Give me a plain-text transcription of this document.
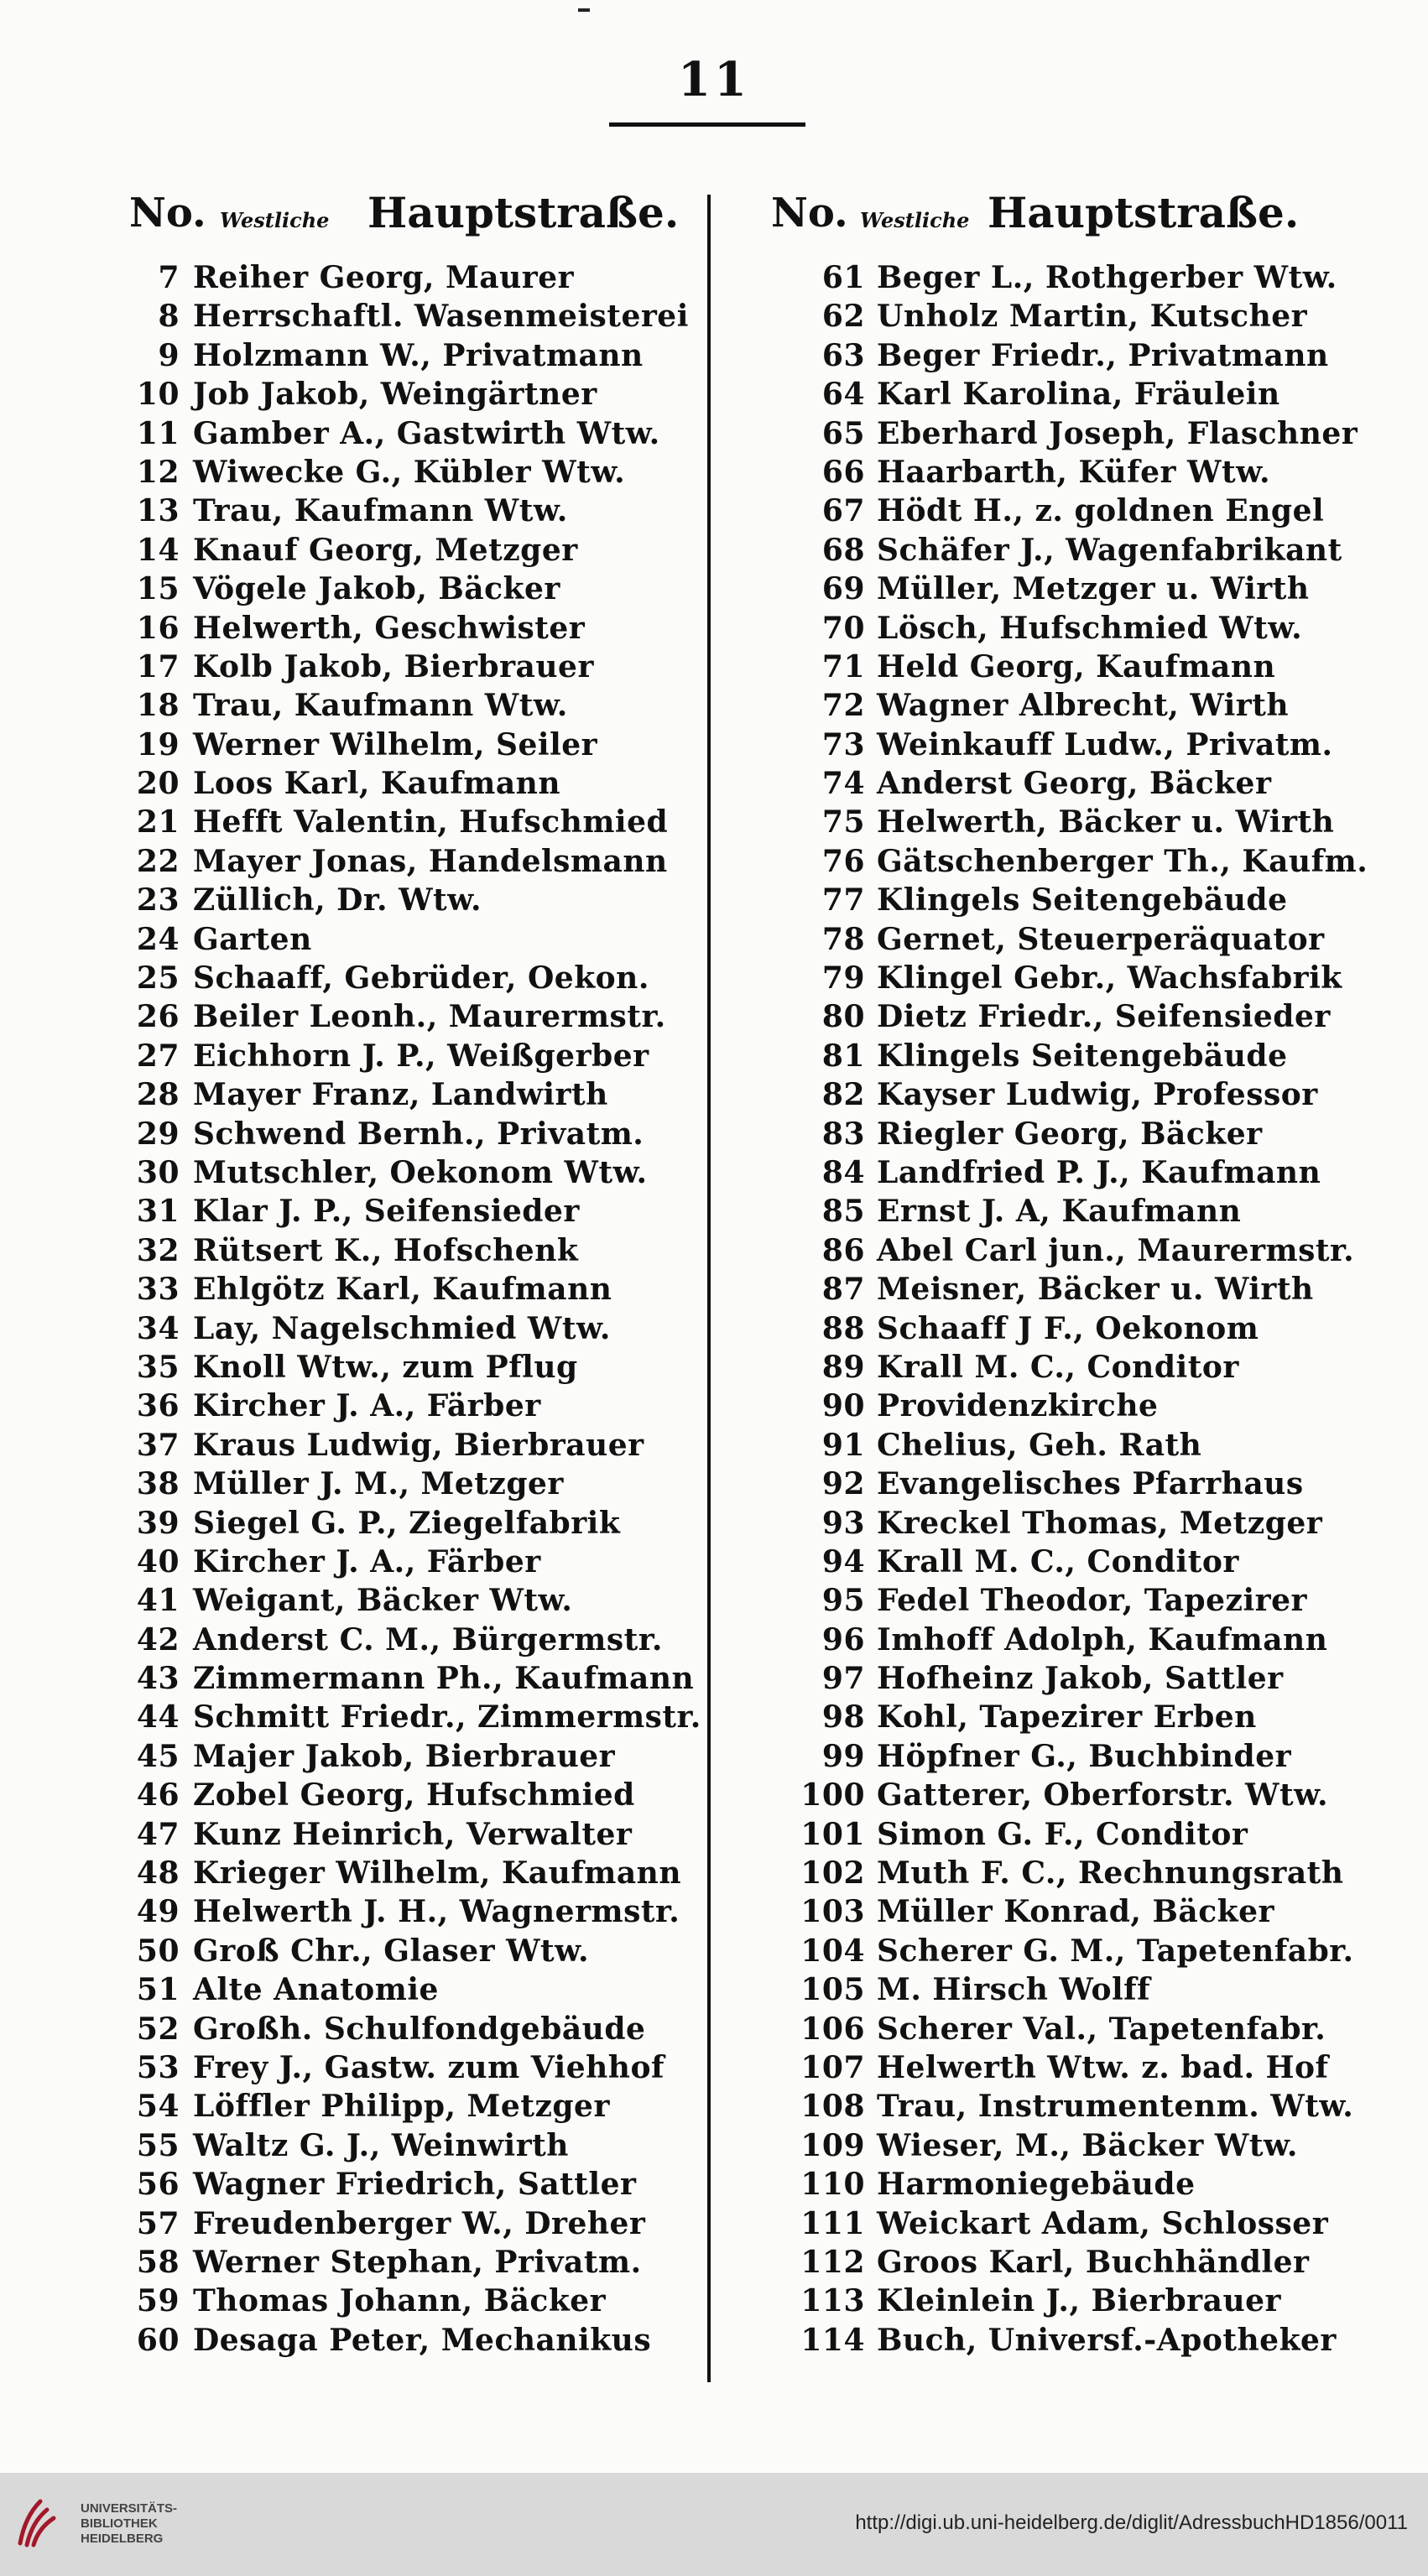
11
No. Westliche Hauptstraße.
7 Reiher Georg, Maurer
8 Herrschaftl. Wasenmeisterei
9 Holzmann W., Privatmann
10 Job Jakob, Weingärtner
11 Gamber A., Gastwirth Wtw.
12 Wiwecke G., Kübler Wtw.
13 Trau, Kaufmann Wtw.
14 Knauf Georg, Metzger
15 Vögele Jakob, Bäcker
16 Helwerth, Geschwister
17 Kolb Jakob, Bierbrauer
18 Trau, Kaufmann Wtw.
19 Werner Wilhelm, Seiler
20 Loos Karl, Kaufmann
21 Hefft Valentin, Hufschmied
22 Mayer Jonas, Handelsmann
23 Züllich, Dr. Wtw.
24 Garten
25 Schaaff, Gebrüder, Oekon.
26 Beiler Leonh., Maurermstr.
27 Eichhorn J. P., Weißgerber
28 Mayer Franz, Landwirth
29 Schwend Bernh., Privatm.
30 Mutschler, Oekonom Wtw.
31 Klar J. P., Seifensieder
32 Rütsert K., Hofschenk
33 Ehlgötz Karl, Kaufmann
34 Lay, Nagelschmied Wtw.
35 Knoll Wtw., zum Pflug
36 Kircher J. A., Färber
37 Kraus Ludwig, Bierbrauer
38 Müller J. M., Metzger
39 Siegel G. P., Ziegelfabrik
40 Kircher J. A., Färber
41 Weigant, Bäcker Wtw.
42 Anderst C. M., Bürgermstr.
43 Zimmermann Ph., Kaufmann
44 Schmitt Friedr., Zimmermstr.
45 Majer Jakob, Bierbrauer
46 Zobel Georg, Hufschmied
47 Kunz Heinrich, Verwalter
48 Krieger Wilhelm, Kaufmann
49 Helwerth J. H., Wagnermstr.
50 Groß Chr., Glaser Wtw.
51 Alte Anatomie
52 Großh. Schulfondgebäude
53 Frey J., Gastw. zum Viehhof
54 Löffler Philipp, Metzger
55 Waltz G. J., Weinwirth
56 Wagner Friedrich, Sattler
57 Freudenberger W., Dreher
58 Werner Stephan, Privatm.
59 Thomas Johann, Bäcker
60 Desaga Peter, Mechanikus
No. Westliche Hauptstraße.
61 Beger L., Rothgerber Wtw.
62 Unholz Martin, Kutscher
63 Beger Friedr., Privatmann
64 Karl Karolina, Fräulein
65 Eberhard Joseph, Flaschner
66 Haarbarth, Küfer Wtw.
67 Hödt H., z. goldnen Engel
68 Schäfer J., Wagenfabrikant
69 Müller, Metzger u. Wirth
70 Lösch, Hufschmied Wtw.
71 Held Georg, Kaufmann
72 Wagner Albrecht, Wirth
73 Weinkauff Ludw., Privatm.
74 Anderst Georg, Bäcker
75 Helwerth, Bäcker u. Wirth
76 Gätschenberger Th., Kaufm.
77 Klingels Seitengebäude
78 Gernet, Steuerperäquator
79 Klingel Gebr., Wachsfabrik
80 Dietz Friedr., Seifensieder
81 Klingels Seitengebäude
82 Kayser Ludwig, Professor
83 Riegler Georg, Bäcker
84 Landfried P. J., Kaufmann
85 Ernst J. A, Kaufmann
86 Abel Carl jun., Maurermstr.
87 Meisner, Bäcker u. Wirth
88 Schaaff J F., Oekonom
89 Krall M. C., Conditor
90 Providenzkirche
91 Chelius, Geh. Rath
92 Evangelisches Pfarrhaus
93 Kreckel Thomas, Metzger
94 Krall M. C., Conditor
95 Fedel Theodor, Tapezirer
96 Imhoff Adolph, Kaufmann
97 Hofheinz Jakob, Sattler
98 Kohl, Tapezirer Erben
99 Höpfner G., Buchbinder
100 Gatterer, Oberforstr. Wtw.
101 Simon G. F., Conditor
102 Muth F. C., Rechnungsrath
103 Müller Konrad, Bäcker
104 Scherer G. M., Tapetenfabr.
105 M. Hirsch Wolff
106 Scherer Val., Tapetenfabr.
107 Helwerth Wtw. z. bad. Hof
108 Trau, Instrumentenm. Wtw.
109 Wieser, M., Bäcker Wtw.
110 Harmoniegebäude
111 Weickart Adam, Schlosser
112 Groos Karl, Buchhändler
113 Kleinlein J., Bierbrauer
114 Buch, Universf.-Apotheker
UNIVERSITÄTS-
BIBLIOTHEK
HEIDELBERG
http://digi.ub.uni-heidelberg.de/diglit/AdressbuchHD1856/0011
